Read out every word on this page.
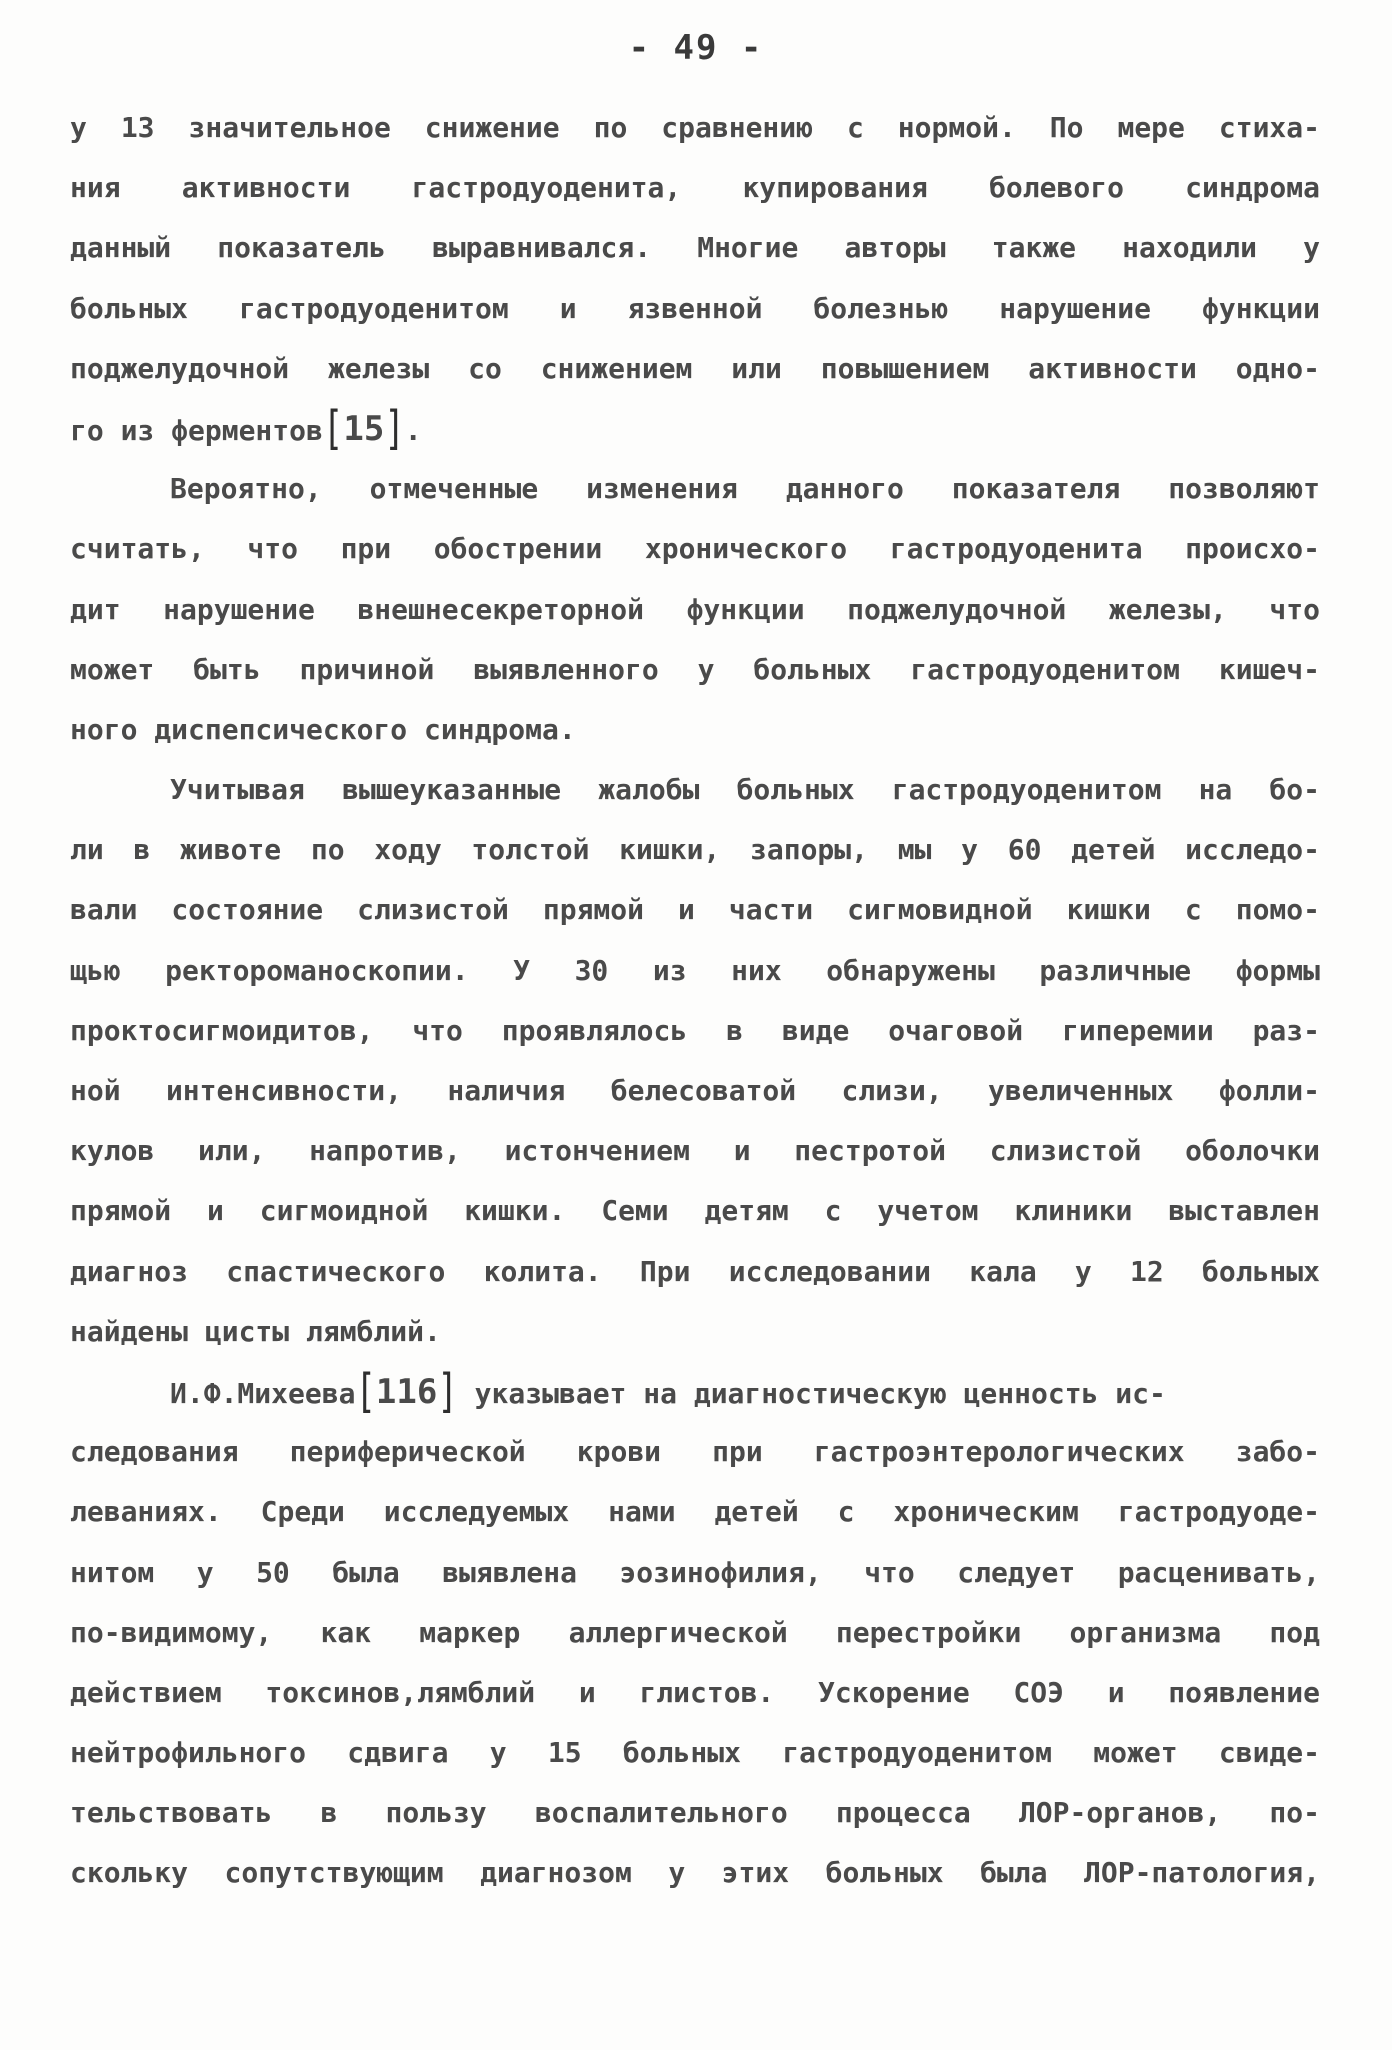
- 49 -
у 13 значительное снижение по сравнению с нормой. По мере стиха-
ния активности гастродуоденита, купирования болевого синдрома
данный показатель выравнивался. Многие авторы также находили у
больных гастродуоденитом и язвенной болезнью нарушение функции
поджелудочной железы со снижением или повышением активности одно-
го из ферментов[15].
Вероятно, отмеченные изменения данного показателя позволяют
считать, что при обострении хронического гастродуоденита происхо-
дит нарушение внешнесекреторной функции поджелудочной железы, что
может быть причиной выявленного у больных гастродуоденитом кишеч-
ного диспепсического синдрома.
Учитывая вышеуказанные жалобы больных гастродуоденитом на бо-
ли в животе по ходу толстой кишки, запоры, мы у 60 детей исследо-
вали состояние слизистой прямой и части сигмовидной кишки с помо-
щью ректороманоскопии. У 30 из них обнаружены различные формы
проктосигмоидитов, что проявлялось в виде очаговой гиперемии раз-
ной интенсивности, наличия белесоватой слизи, увеличенных фолли-
кулов или, напротив, истончением и пестротой слизистой оболочки
прямой и сигмоидной кишки. Семи детям с учетом клиники выставлен
диагноз спастического колита. При исследовании кала у 12 больных
найдены цисты лямблий.
И.Ф.Михеева[116] указывает на диагностическую ценность ис-
следования периферической крови при гастроэнтерологических забо-
леваниях. Среди исследуемых нами детей с хроническим гастродуоде-
нитом у 50 была выявлена эозинофилия, что следует расценивать,
по-видимому, как маркер аллергической перестройки организма под
действием токсинов,лямблий и глистов. Ускорение СОЭ и появление
нейтрофильного сдвига у 15 больных гастродуоденитом может свиде-
тельствовать в пользу воспалительного процесса ЛОР-органов, по-
скольку сопутствующим диагнозом у этих больных была ЛОР-патология,
